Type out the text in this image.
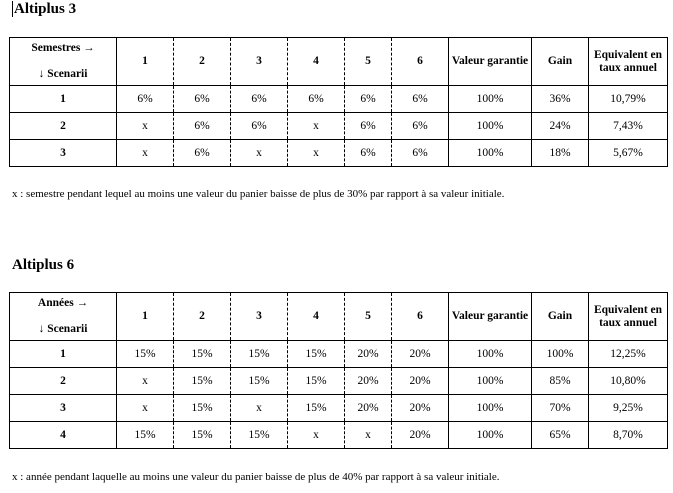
Altiplus 3
Semestres →
↓ Scenarii	1	2	3	4	5	6	Valeur garantie	Gain	Equivalent en taux annuel
1	6%	6%	6%	6%	6%	6%	100%	36%	10,79%
2	x	6%	6%	x	6%	6%	100%	24%	7,43%
3	x	6%	x	x	6%	6%	100%	18%	5,67%
x : semestre pendant lequel au moins une valeur du panier baisse de plus de 30% par rapport à sa valeur initiale.
Altiplus 6
Années →
↓ Scenarii	1	2	3	4	5	6	Valeur garantie	Gain	Equivalent en taux annuel
1	15%	15%	15%	15%	20%	20%	100%	100%	12,25%
2	x	15%	15%	15%	20%	20%	100%	85%	10,80%
3	x	15%	x	15%	20%	20%	100%	70%	9,25%
4	15%	15%	15%	x	x	20%	100%	65%	8,70%
x : année pendant laquelle au moins une valeur du panier baisse de plus de 40% par rapport à sa valeur initiale.
